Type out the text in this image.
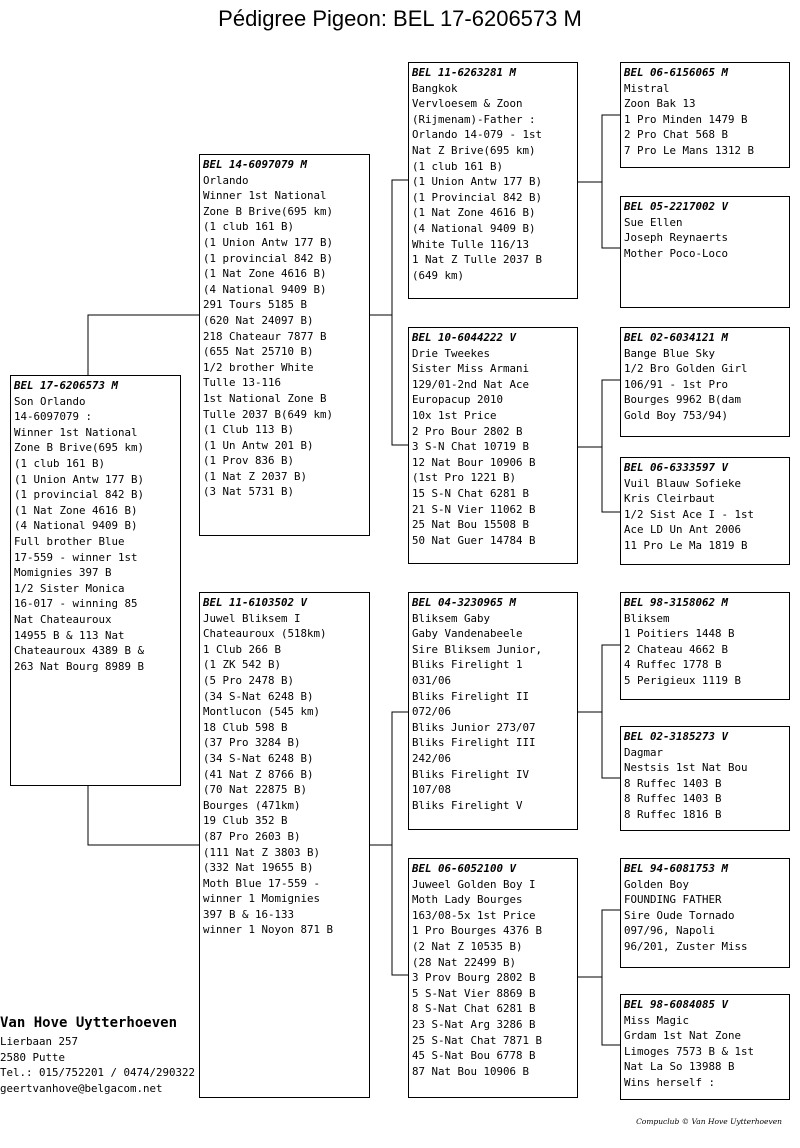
Pédigree Pigeon: BEL 17-6206573 M
BEL 17-6206573 M
Son Orlando
14-6097079 :
Winner 1st National
Zone B Brive(695 km)
(1 club 161 B)
(1 Union Antw 177 B)
(1 provincial 842 B)
(1 Nat Zone 4616 B)
(4 National 9409 B)
Full brother Blue
17-559 - winner 1st
Momignies 397 B
1/2 Sister Monica
16-017 - winning 85
Nat Chateauroux
14955 B & 113 Nat
Chateauroux 4389 B &
263 Nat Bourg 8989 B
BEL 14-6097079 M
Orlando
Winner 1st National
Zone B Brive(695 km)
(1 club 161 B)
(1 Union Antw 177 B)
(1 provincial 842 B)
(1 Nat Zone 4616 B)
(4 National 9409 B)
291 Tours 5185 B
(620 Nat 24097 B)
218 Chateaur 7877 B
(655 Nat 25710 B)
1/2 brother White
Tulle 13-116
1st National Zone B
Tulle 2037 B(649 km)
(1 Club 113 B)
(1 Un Antw 201 B)
(1 Prov 836 B)
(1 Nat Z 2037 B)
(3 Nat 5731 B)
BEL 11-6103502 V
Juwel Bliksem I
Chateauroux (518km)
1 Club 266 B
(1 ZK 542 B)
(5 Pro 2478 B)
(34 S-Nat 6248 B)
Montlucon (545 km)
18 Club 598 B
(37 Pro 3284 B)
(34 S-Nat 6248 B)
(41 Nat Z 8766 B)
(70 Nat 22875 B)
Bourges (471km)
19 Club 352 B
(87 Pro 2603 B)
(111 Nat Z 3803 B)
(332 Nat 19655 B)
Moth Blue 17-559 -
winner 1 Momignies
397 B & 16-133
winner 1 Noyon 871 B
BEL 11-6263281 M
Bangkok
Vervloesem & Zoon
(Rijmenam)-Father :
Orlando 14-079 - 1st
Nat Z Brive(695 km)
(1 club 161 B)
(1 Union Antw 177 B)
(1 Provincial 842 B)
(1 Nat Zone 4616 B)
(4 National 9409 B)
White Tulle 116/13
1 Nat Z Tulle 2037 B
(649 km)
BEL 10-6044222 V
Drie Tweekes
Sister Miss Armani
129/01-2nd Nat Ace
Europacup 2010
10x 1st Price
2 Pro Bour 2802 B
3 S-N Chat 10719 B
12 Nat Bour 10906 B
(1st Pro 1221 B)
15 S-N Chat 6281 B
21 S-N Vier 11062 B
25 Nat Bou 15508 B
50 Nat Guer 14784 B
BEL 04-3230965 M
Bliksem Gaby
Gaby Vandenabeele
Sire Bliksem Junior,
Bliks Firelight 1
031/06
Bliks Firelight II
072/06
Bliks Junior 273/07
Bliks Firelight III
242/06
Bliks Firelight IV
107/08
Bliks Firelight V
BEL 06-6052100 V
Juweel Golden Boy I
Moth Lady Bourges
163/08-5x 1st Price
1 Pro Bourges 4376 B
(2 Nat Z 10535 B)
(28 Nat 22499 B)
3 Prov Bourg 2802 B
5 S-Nat Vier 8869 B
8 S-Nat Chat 6281 B
23 S-Nat Arg 3286 B
25 S-Nat Chat 7871 B
45 S-Nat Bou 6778 B
87 Nat Bou 10906 B
BEL 06-6156065 M
Mistral
Zoon Bak 13
1 Pro Minden 1479 B
2 Pro Chat 568 B
7 Pro Le Mans 1312 B
BEL 05-2217002 V
Sue Ellen
Joseph Reynaerts
Mother Poco-Loco
BEL 02-6034121 M
Bange Blue Sky
1/2 Bro Golden Girl
106/91 - 1st Pro
Bourges 9962 B(dam
Gold Boy 753/94)
BEL 06-6333597 V
Vuil Blauw Sofieke
Kris Cleirbaut
1/2 Sist Ace I - 1st
Ace LD Un Ant 2006
11 Pro Le Ma 1819 B
BEL 98-3158062 M
Bliksem
1 Poitiers 1448 B
2 Chateau 4662 B
4 Ruffec 1778 B
5 Perigieux 1119 B
BEL 02-3185273 V
Dagmar
Nestsis 1st Nat Bou
8 Ruffec 1403 B
8 Ruffec 1403 B
8 Ruffec 1816 B
BEL 94-6081753 M
Golden Boy
FOUNDING FATHER
Sire Oude Tornado
097/96, Napoli
96/201, Zuster Miss
BEL 98-6084085 V
Miss Magic
Grdam 1st Nat Zone
Limoges 7573 B & 1st
Nat La So 13988 B
Wins herself :
Van Hove Uytterhoeven
Lierbaan 257
2580 Putte
Tel.: 015/752201 / 0474/290322
geertvanhove@belgacom.net
Compuclub © Van Hove Uytterhoeven
